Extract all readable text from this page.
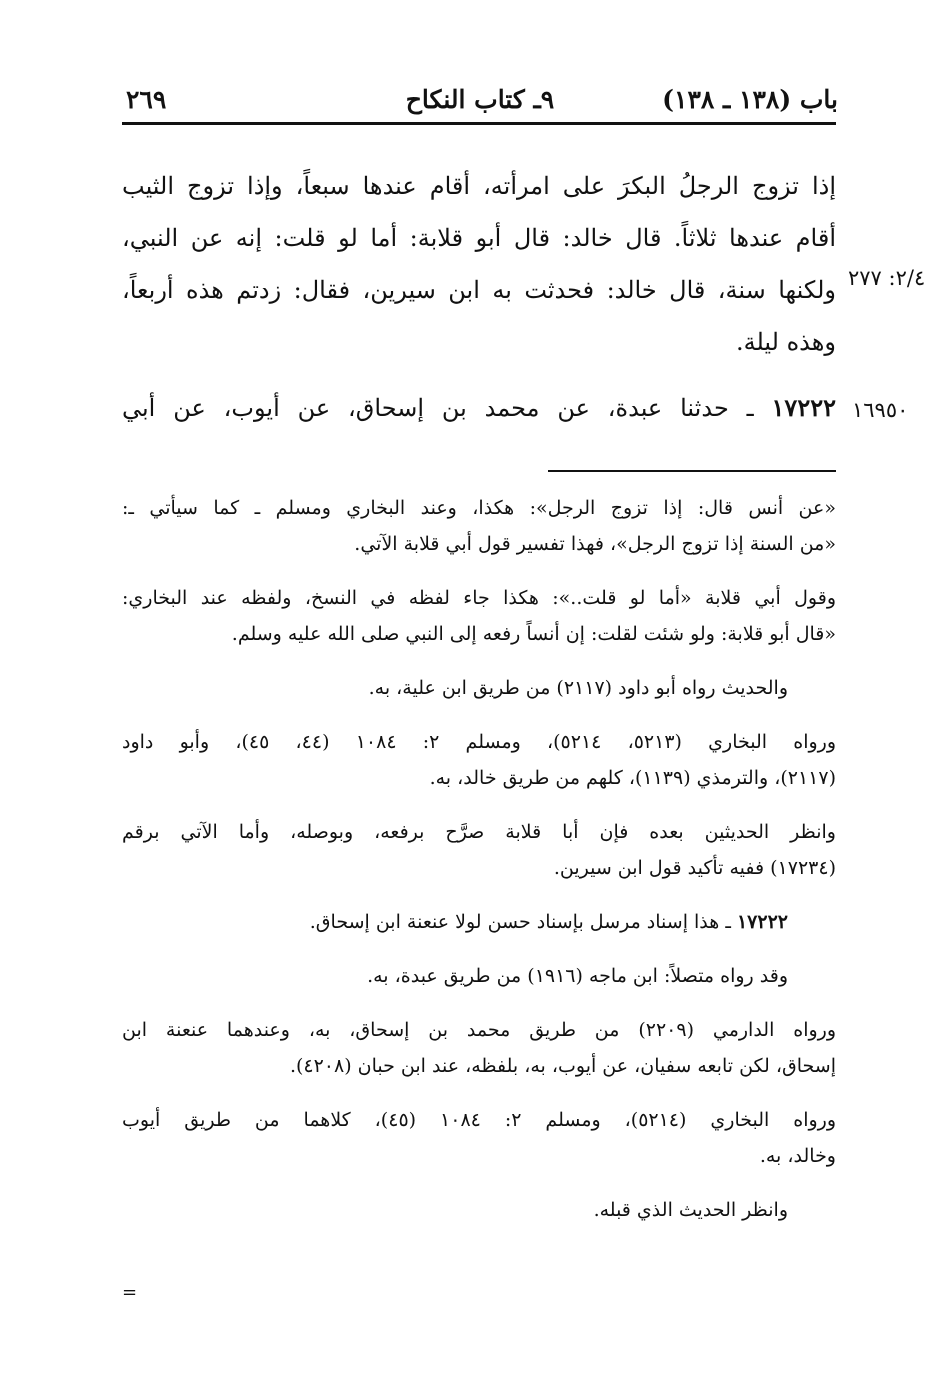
باب (١٣٨ ـ ١٣٨)
٩ـ كتاب النكاح
٢٦٩
إذا تزوج الرجلُ البكرَ على امرأته، أقام عندها سبعاً، وإذا تزوج الثيب
أقام عندها ثلاثاً. قال خالد: قال أبو قلابة: أما لو قلت: إنه عن النبي،
ولكنها سنة، قال خالد: فحدثت به ابن سيرين، فقال: زدتم هذه أربعاً،
وهذه ليلة.
٢/٤: ٢٧٧
١٧٢٢٢ ـ حدثنا عبدة، عن محمد بن إسحاق، عن أيوب، عن أبي	١٦٩٥٠
«عن أنس قال: إذا تزوج الرجل»: هكذا، وعند البخاري ومسلم ـ كما سيأتي ـ:
«من السنة إذا تزوج الرجل»، فهذا تفسير قول أبي قلابة الآتي.
وقول أبي قلابة «أما لو قلت..»: هكذا جاء لفظه في النسخ، ولفظه عند البخاري:
«قال أبو قلابة: ولو شئت لقلت: إن أنساً رفعه إلى النبي صلى الله عليه وسلم.
والحديث رواه أبو داود (٢١١٧) من طريق ابن علية، به.
ورواه البخاري (٥٢١٣، ٥٢١٤)، ومسلم ٢: ١٠٨٤ (٤٤، ٤٥)، وأبو داود
(٢١١٧)، والترمذي (١١٣٩)، كلهم من طريق خالد، به.
وانظر الحديثين بعده فإن أبا قلابة صرَّح برفعه، وبوصله، وأما الآتي برقم
(١٧٢٣٤) ففيه تأكيد قول ابن سيرين.
١٧٢٢٢ ـ هذا إسناد مرسل بإسناد حسن لولا عنعنة ابن إسحاق.
وقد رواه متصلاً: ابن ماجه (١٩١٦) من طريق عبدة، به.
ورواه الدارمي (٢٢٠٩) من طريق محمد بن إسحاق، به، وعندهما عنعنة ابن
إسحاق، لكن تابعه سفيان، عن أيوب، به، بلفظه، عند ابن حبان (٤٢٠٨).
ورواه البخاري (٥٢١٤)، ومسلم ٢: ١٠٨٤ (٤٥)، كلاهما من طريق أيوب
وخالد، به.
وانظر الحديث الذي قبله.
=
